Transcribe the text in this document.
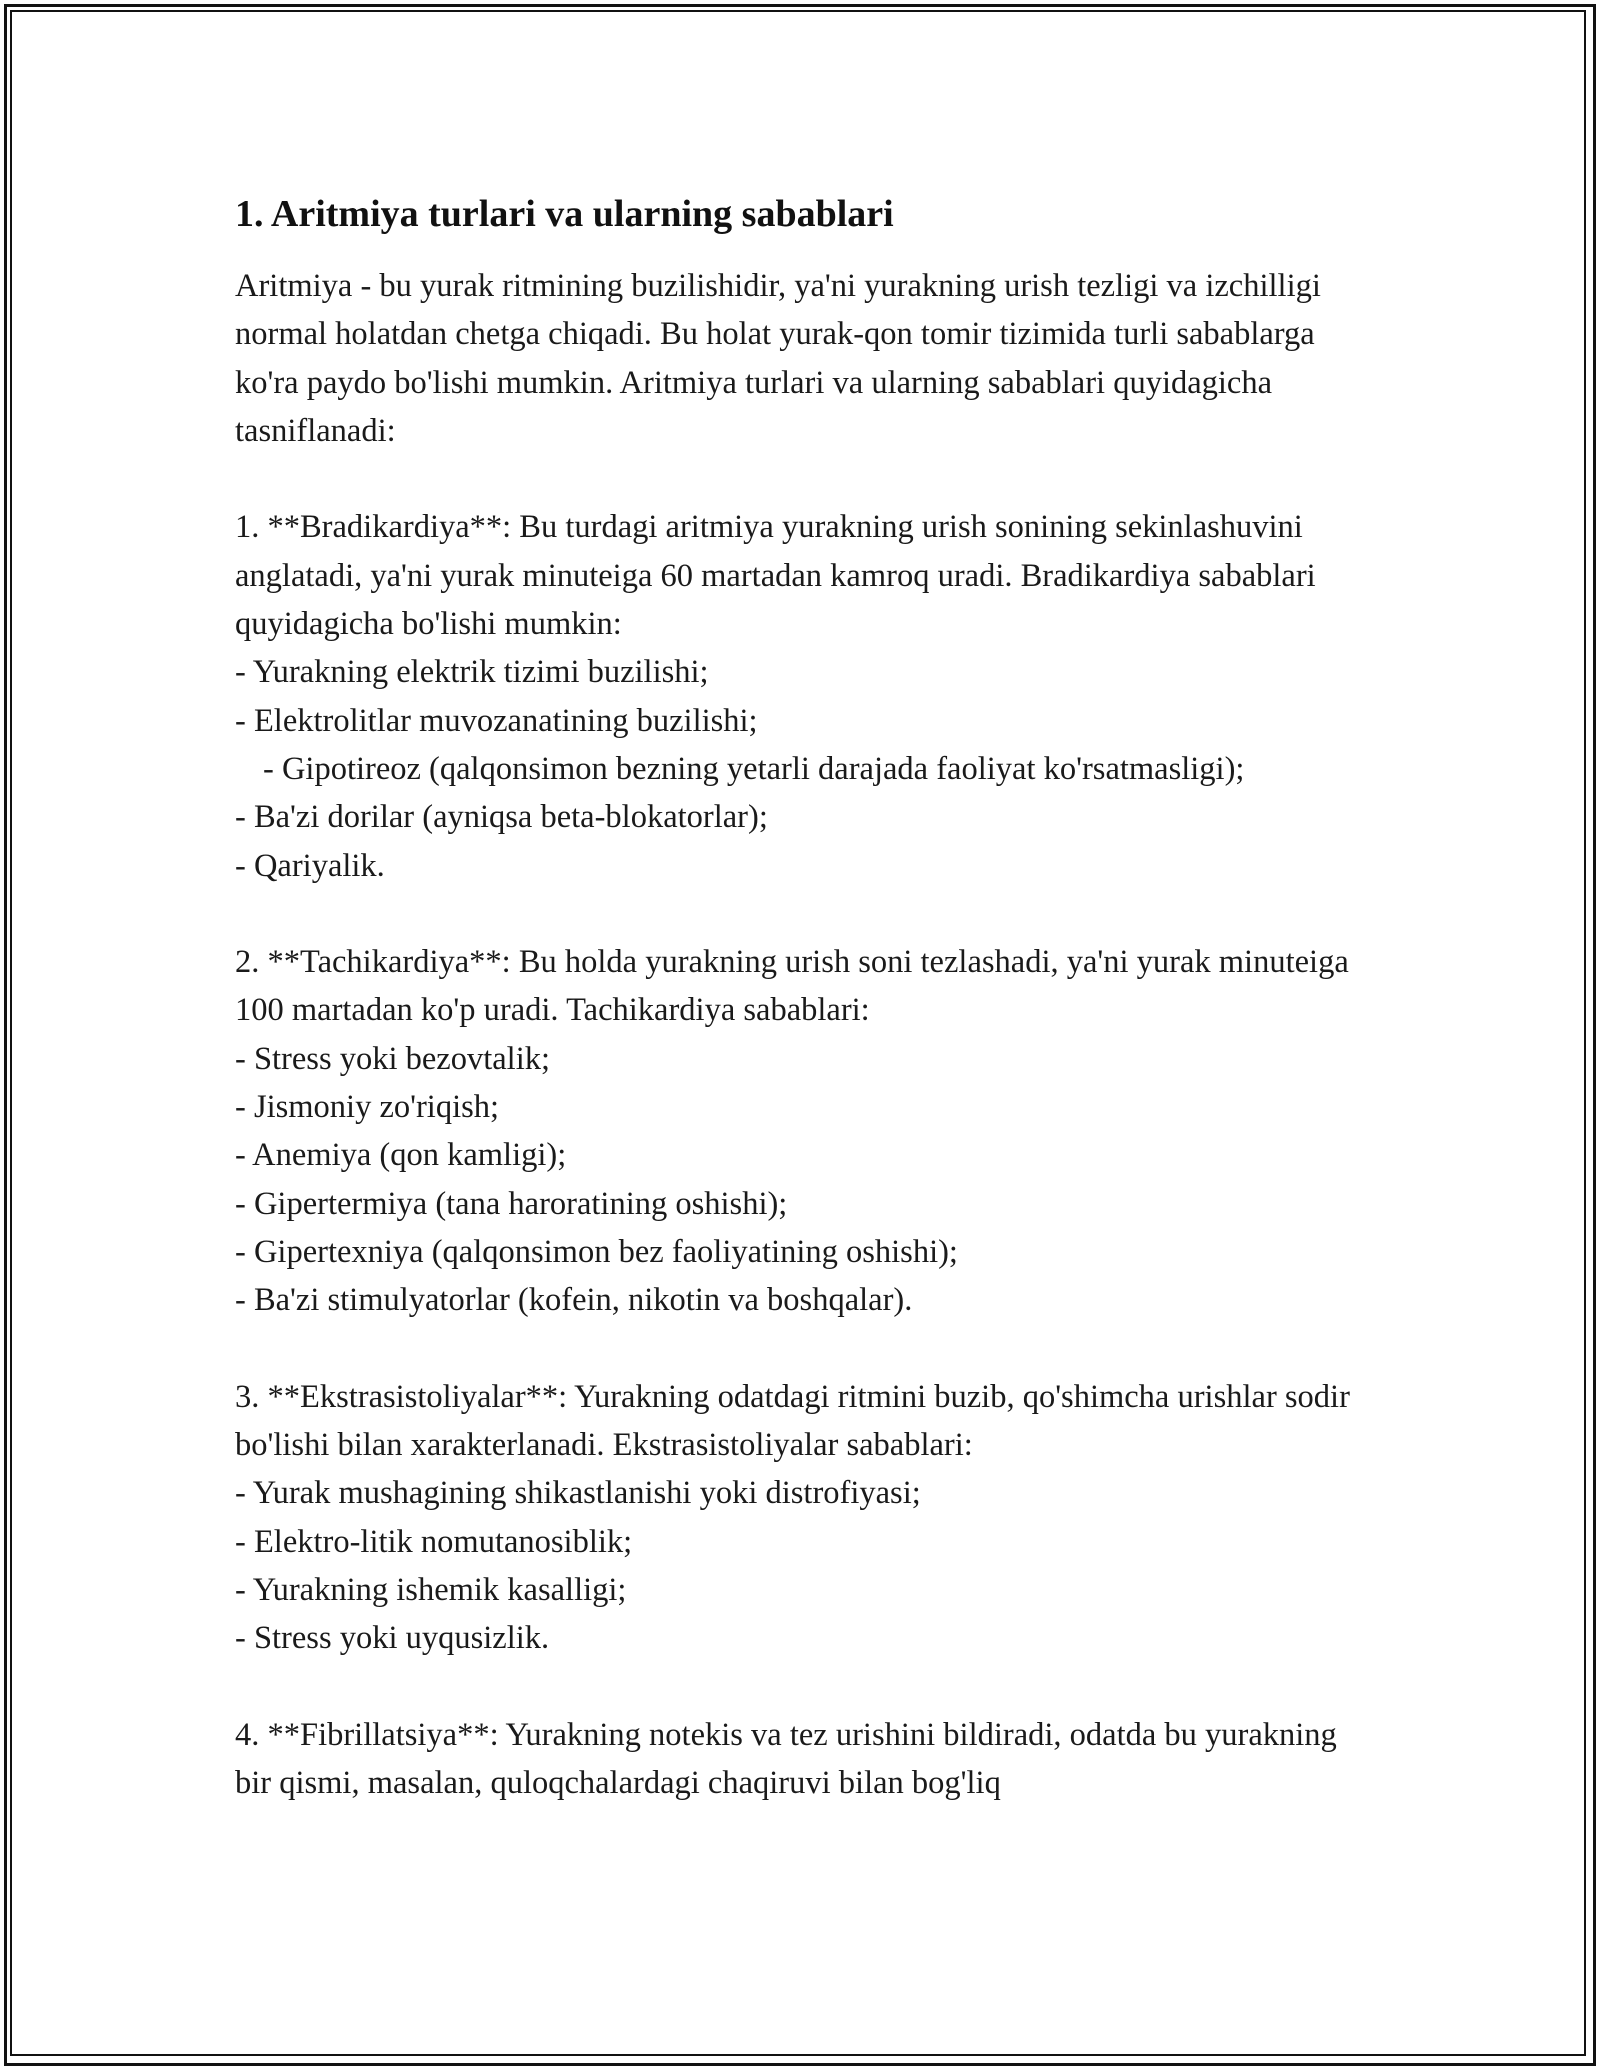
1. Aritmiya turlari va ularning sabablari

Aritmiya - bu yurak ritmining buzilishidir, ya'ni yurakning urish tezligi va izchilligi normal holatdan chetga chiqadi. Bu holat yurak-qon tomir tizimida turli sabablarga ko'ra paydo bo'lishi mumkin. Aritmiya turlari va ularning sabablari quyidagicha tasniflanadi:

1. **Bradikardiya**: Bu turdagi aritmiya yurakning urish sonining sekinlashuvini anglatadi, ya'ni yurak minuteiga 60 martadan kamroq uradi. Bradikardiya sabablari quyidagicha bo'lishi mumkin:

- Yurakning elektrik tizimi buzilishi;
- Elektrolitlar muvozanatining buzilishi;
- Gipotireoz (qalqonsimon bezning yetarli darajada faoliyat ko'rsatmasligi);
- Ba'zi dorilar (ayniqsa beta-blokatorlar);
- Qariyalik.

2. **Tachikardiya**: Bu holda yurakning urish soni tezlashadi, ya'ni yurak minuteiga 100 martadan ko'p uradi. Tachikardiya sabablari:

- Stress yoki bezovtalik;
- Jismoniy zo'riqish;
- Anemiya (qon kamligi);
- Gipertermiya (tana haroratining oshishi);
- Gipertexniya (qalqonsimon bez faoliyatining oshishi);
- Ba'zi stimulyatorlar (kofein, nikotin va boshqalar).

3. **Ekstrasistoliyalar**: Yurakning odatdagi ritmini buzib, qo'shimcha urishlar sodir bo'lishi bilan xarakterlanadi. Ekstrasistoliyalar sabablari:

- Yurak mushagining shikastlanishi yoki distrofiyasi;
- Elektro-litik nomutanosiblik;
- Yurakning ishemik kasalligi;
- Stress yoki uyqusizlik.

4. **Fibrillatsiya**: Yurakning notekis va tez urishini bildiradi, odatda bu yurakning bir qismi, masalan, quloqchalardagi chaqiruvi bilan bog'liq
